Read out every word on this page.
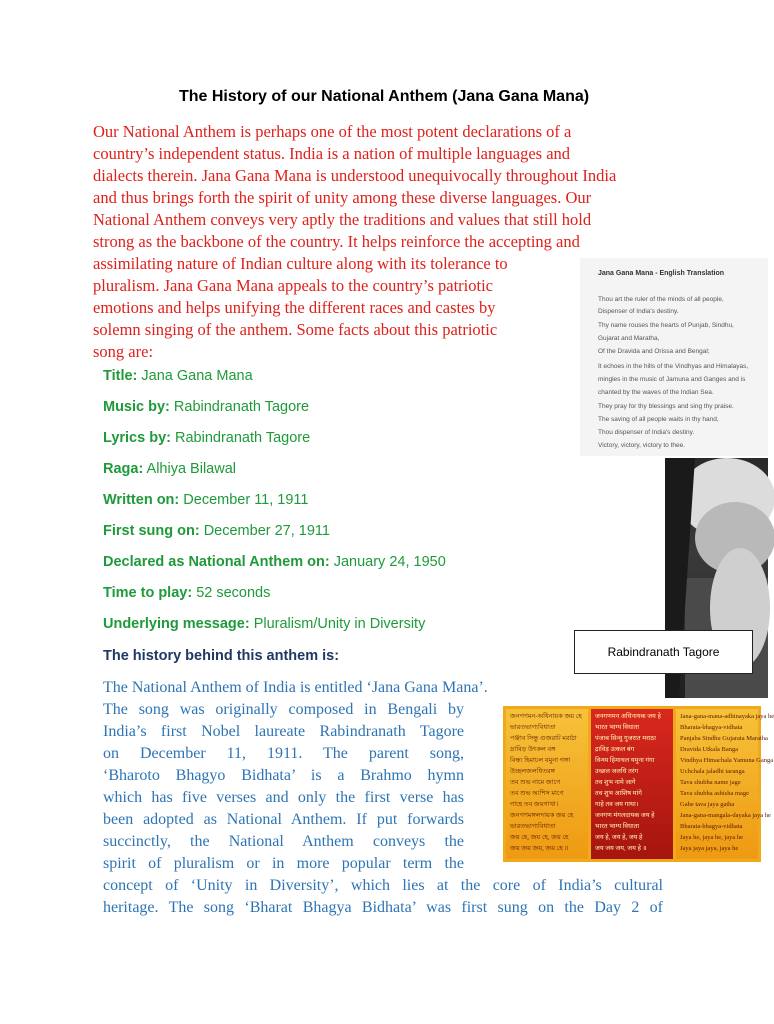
The History of our National Anthem (Jana Gana Mana)

Our National Anthem is perhaps one of the most potent declarations of a
country’s independent status. India is a nation of multiple languages and
dialects therein. Jana Gana Mana is understood unequivocally throughout India
and thus brings forth the spirit of unity among these diverse languages. Our
National Anthem conveys very aptly the traditions and values that still hold
strong as the backbone of the country. It helps reinforce the accepting and
assimilating nature of Indian culture along with its tolerance to
pluralism. Jana Gana Mana appeals to the country’s patriotic
emotions and helps unifying the different races and castes by
solemn singing of the anthem. Some facts about this patriotic
song are:

Title: Jana Gana Mana
Music by: Rabindranath Tagore
Lyrics by: Rabindranath Tagore
Raga: Alhiya Bilawal
Written on: December 11, 1911
First sung on: December 27, 1911
Declared as National Anthem on: January 24, 1950
Time to play: 52 seconds
Underlying message: Pluralism/Unity in Diversity
The history behind this anthem is:

The National Anthem of India is entitled ‘Jana Gana Mana’.
The song was originally composed in Bengali by
India’s first Nobel laureate Rabindranath Tagore
on December 11, 1911. The parent song,
‘Bharoto Bhagyo Bidhata’ is a Brahmo hymn
which has five verses and only the first verse has
been adopted as National Anthem. If put forwards
succinctly, the National Anthem conveys the
spirit of pluralism or in more popular term the

concept of ‘Unity in Diversity’, which lies at the core of India’s cultural
heritage. The song ‘Bharat Bhagya Bidhata’ was first sung on the Day 2 of

Jana Gana Mana - English Translation
Thou art the ruler of the minds of all people,
Dispenser of India's destiny.
Thy name rouses the hearts of Punjab, Sindhu,
Gujarat and Maratha,
Of the Dravida and Orissa and Bengal;
It echoes in the hills of the Vindhyas and Himalayas,
mingles in the music of Jamuna and Ganges and is
chanted by the waves of the Indian Sea.
They pray for thy blessings and sing thy praise.
The saving of all people waits in thy hand,
Thou dispenser of India's destiny.
Victory, victory, victory to thee.
Rabindranath Tagore
জনগণমন-অধিনায়ক জয় হে
ভারতভাগ্যবিধাতা
পঞ্জাব সিন্ধু গুজরাট মরাঠা
দ্রাবিড় উৎকল বঙ্গ
বিন্ধ্য হিমাচল যমুনা গঙ্গা
উচ্ছলজলধিতরঙ্গ
তব শুভ নামে জাগে
তব শুভ আশিস মাগে
গাহে তব জয়গাথা।
জনগণমঙ্গলদায়ক জয় হে
ভারতভাগ্যবিধাতা
জয় হে, জয় হে, জয় হে
জয় জয় জয়, জয় হে ॥
जनगणमन अधिनायक जय हे
भारत भाग्य विधाता
पंजाब सिन्धु गुजरात मराठा
द्राविड़ उत्कल बंग
विन्ध्य हिमाचल यमुना गंगा
उच्छल जलधि तरंग
तव शुभ नामे जागे
तव शुभ आशिष मांगे
गाहे तव जय गाथा।
जनगण मंगलदायक जय हे
भारत भाग्य विधाता
जय हे, जय हे, जय हे
जय जय जय, जय हे ॥
Jana-gana-mana-adhinayaka jaya he
Bharata-bhagya-vidhata
Panjaba Sindhu Gujarata Maratha
Dravida Utkala Banga
Vindhya Himachala Yamuna Ganga
Uchchala jaladhi taranga
Tava shubha name jage
Tava shubha ashisha mage
Gahe tava jaya gatha
Jana-gana-mangala-dayaka jaya he
Bharata-bhagya-vidhata
Jaya he, jaya he, jaya he
Jaya jaya jaya, jaya he
